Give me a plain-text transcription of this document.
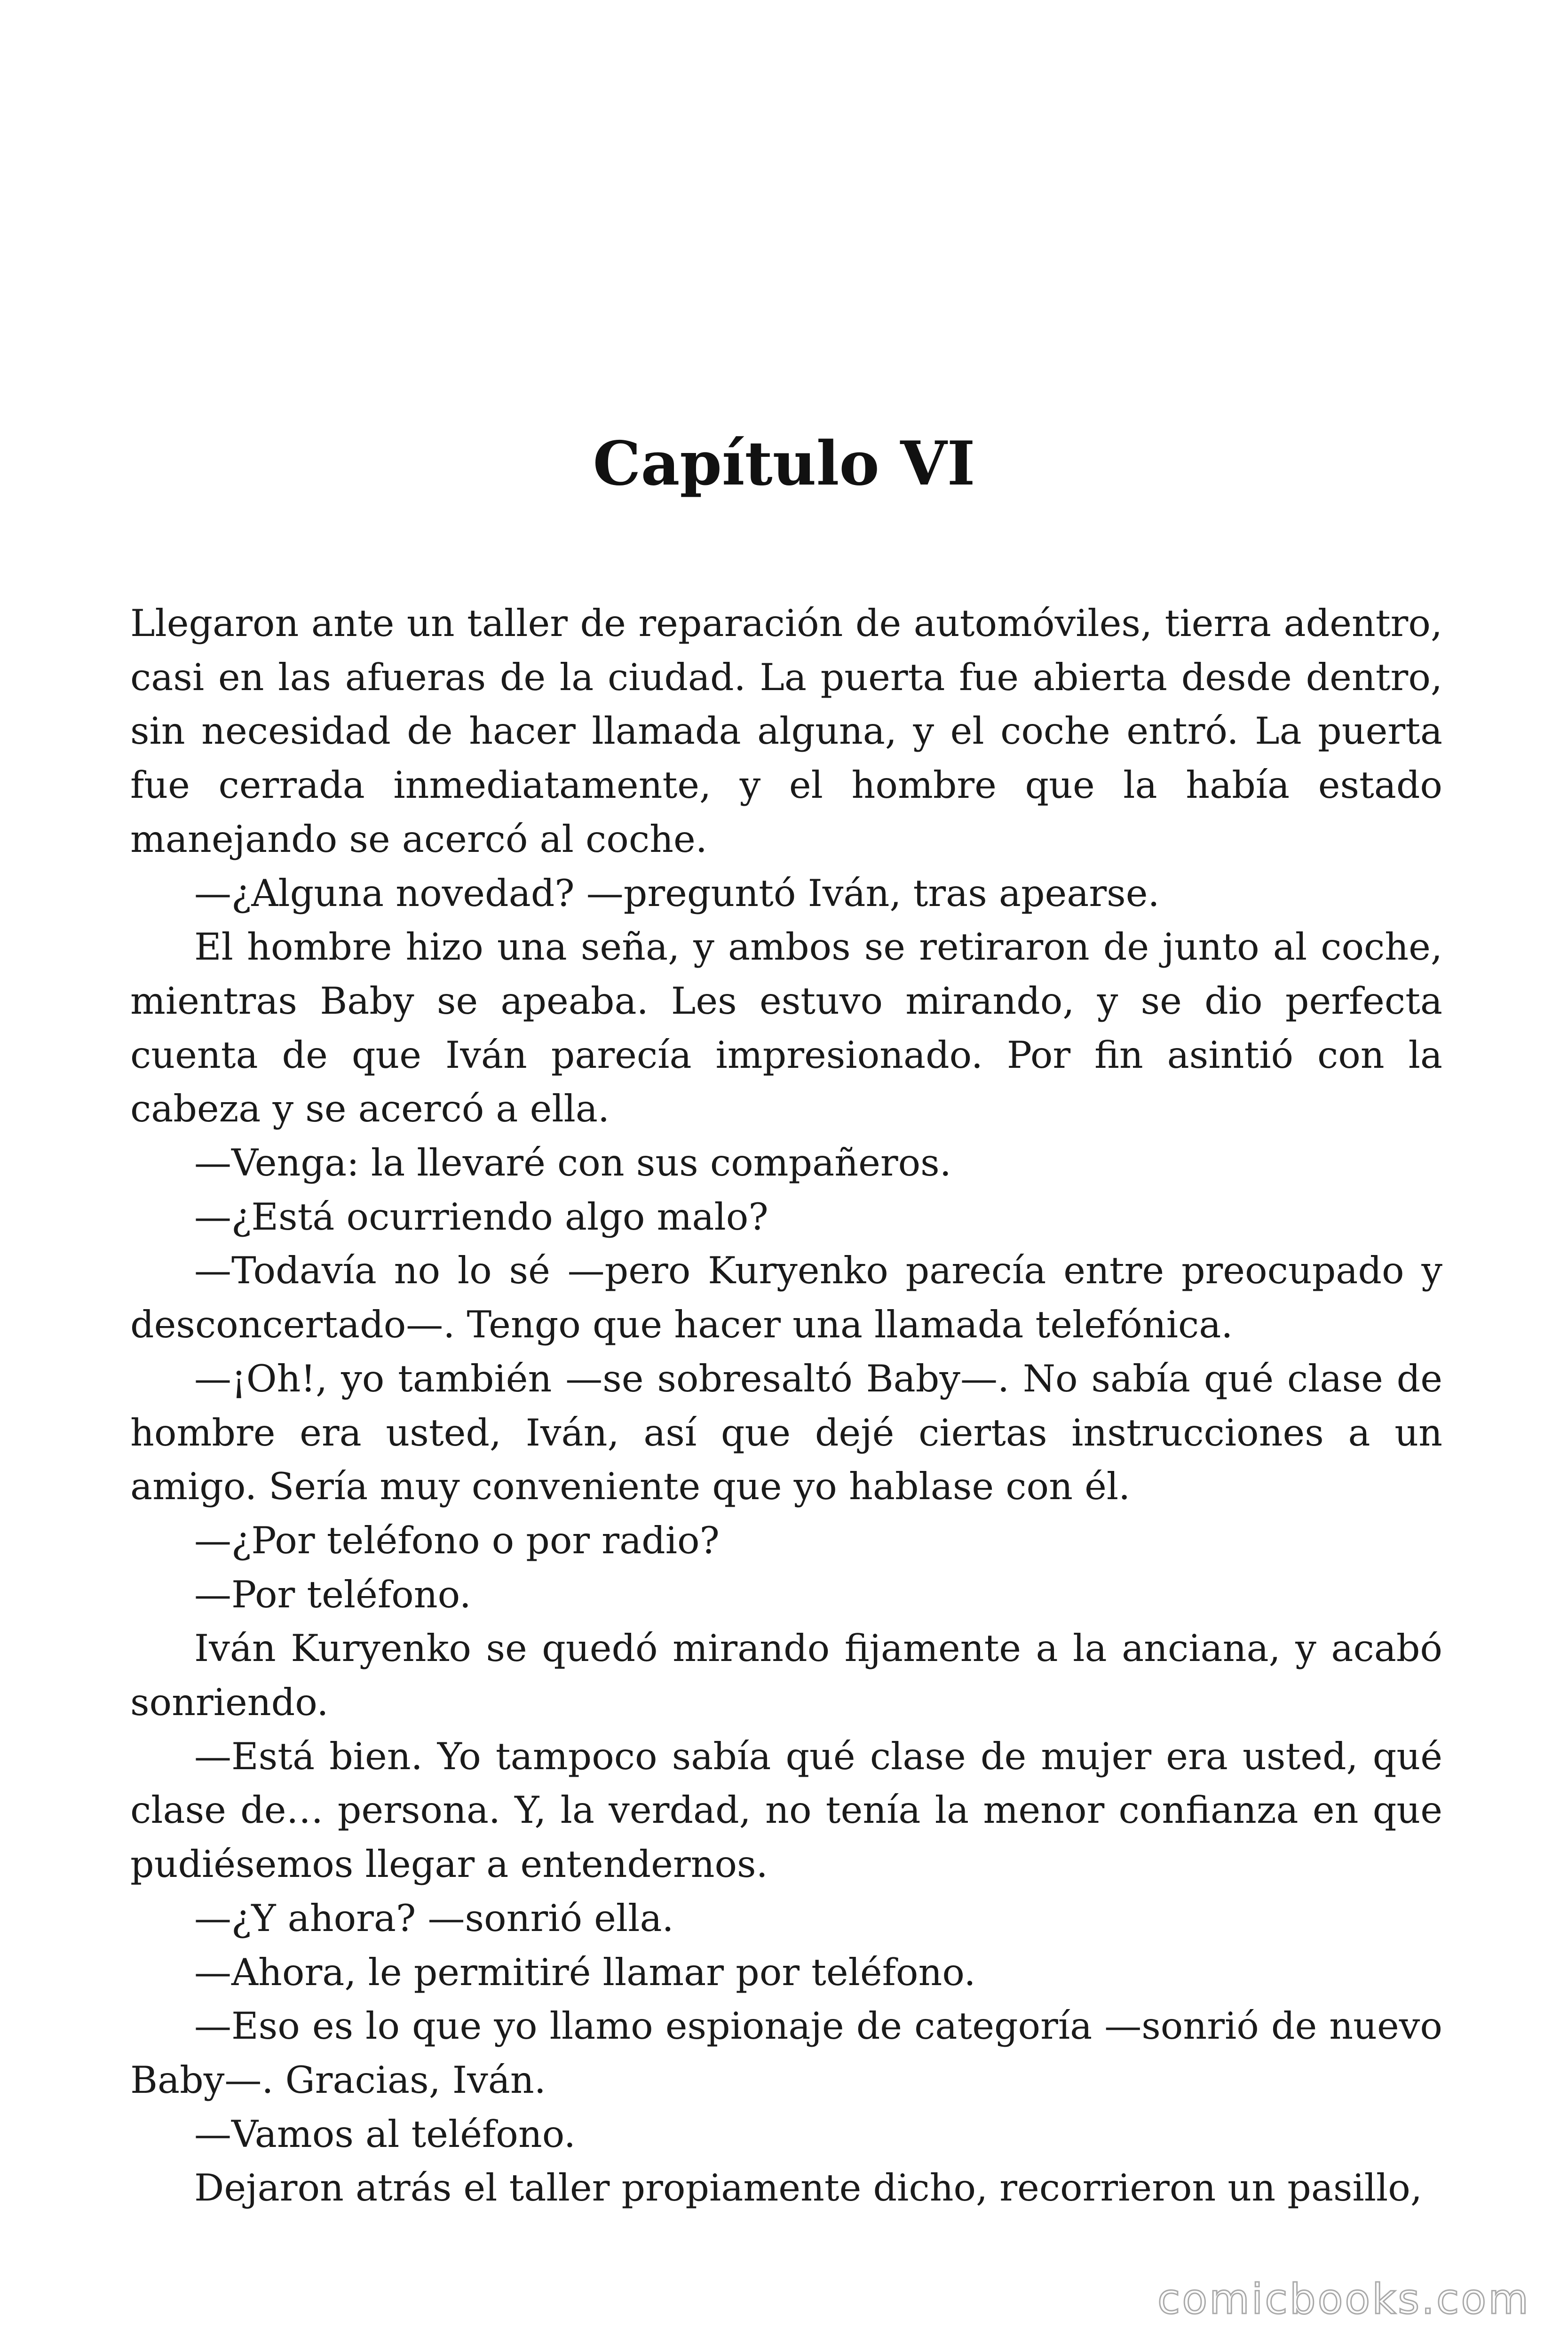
Capítulo VI

Llegaron ante un taller de reparación de automóviles, tierra adentro, casi en las afueras de la ciudad. La puerta fue abierta desde dentro, sin necesidad de hacer llamada alguna, y el coche entró. La puerta fue cerrada inmediatamente, y el hombre que la había estado manejando se acercó al coche.

—¿Alguna novedad? —preguntó Iván, tras apearse.

El hombre hizo una seña, y ambos se retiraron de junto al coche, mientras Baby se apeaba. Les estuvo mirando, y se dio perfecta cuenta de que Iván parecía impresionado. Por fin asintió con la cabeza y se acercó a ella.

—Venga: la llevaré con sus compañeros.

—¿Está ocurriendo algo malo?

—Todavía no lo sé —pero Kuryenko parecía entre preocupado y desconcertado—. Tengo que hacer una llamada telefónica.

—¡Oh!, yo también —se sobresaltó Baby—. No sabía qué clase de hombre era usted, Iván, así que dejé ciertas instrucciones a un amigo. Sería muy conveniente que yo hablase con él.

—¿Por teléfono o por radio?

—Por teléfono.

Iván Kuryenko se quedó mirando fijamente a la anciana, y acabó sonriendo.

—Está bien. Yo tampoco sabía qué clase de mujer era usted, qué clase de… persona. Y, la verdad, no tenía la menor confianza en que pudiésemos llegar a entendernos.

—¿Y ahora? —sonrió ella.

—Ahora, le permitiré llamar por teléfono.

—Eso es lo que yo llamo espionaje de categoría —sonrió de nuevo Baby—. Gracias, Iván.

—Vamos al teléfono.

Dejaron atrás el taller propiamente dicho, recorrieron un pasillo,

comicbooks.com
